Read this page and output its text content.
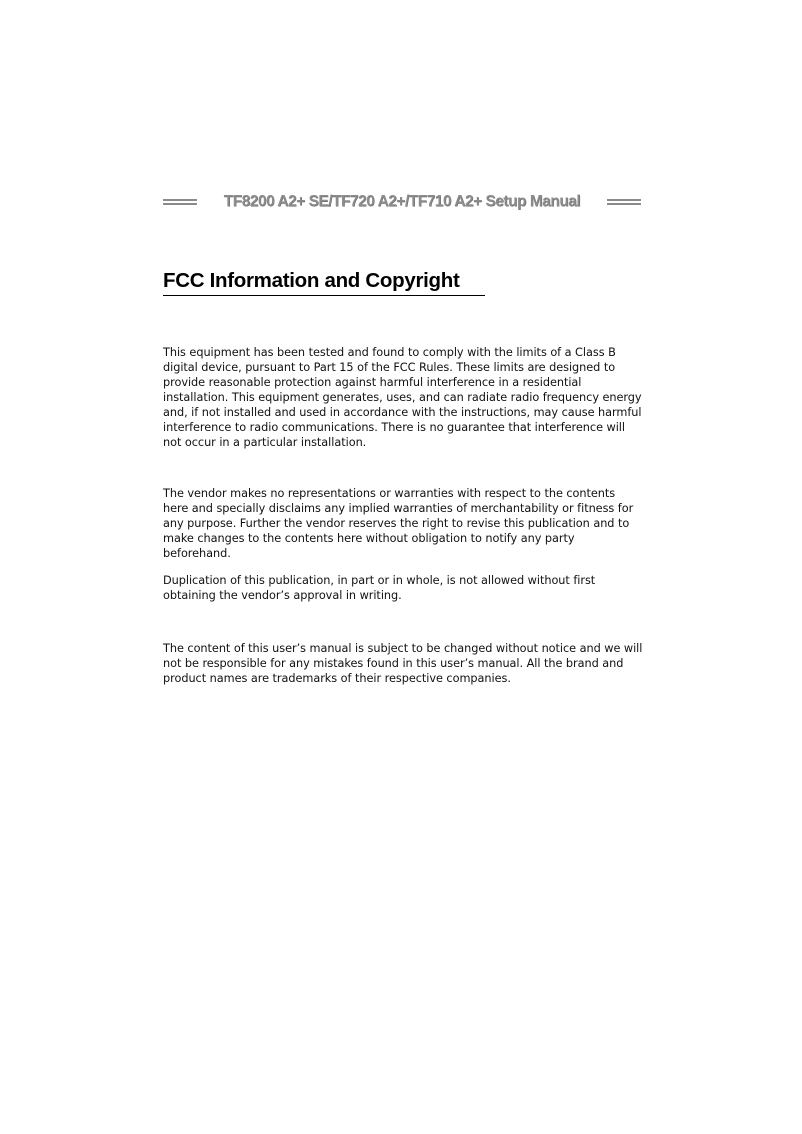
TF8200 A2+ SE/TF720 A2+/TF710 A2+ Setup Manual
FCC Information and Copyright

This equipment has been tested and found to comply with the limits of a Class B digital device, pursuant to Part 15 of the FCC Rules. These limits are designed to provide reasonable protection against harmful interference in a residential installation. This equipment generates, uses, and can radiate radio frequency energy and, if not installed and used in accordance with the instructions, may cause harmful interference to radio communications. There is no guarantee that interference will not occur in a particular installation.

The vendor makes no representations or warranties with respect to the contents here and specially disclaims any implied warranties of merchantability or fitness for any purpose. Further the vendor reserves the right to revise this publication and to make changes to the contents here without obligation to notify any party beforehand.

Duplication of this publication, in part or in whole, is not allowed without first obtaining the vendor’s approval in writing.

The content of this user’s manual is subject to be changed without notice and we will not be responsible for any mistakes found in this user’s manual. All the brand and product names are trademarks of their respective companies.
